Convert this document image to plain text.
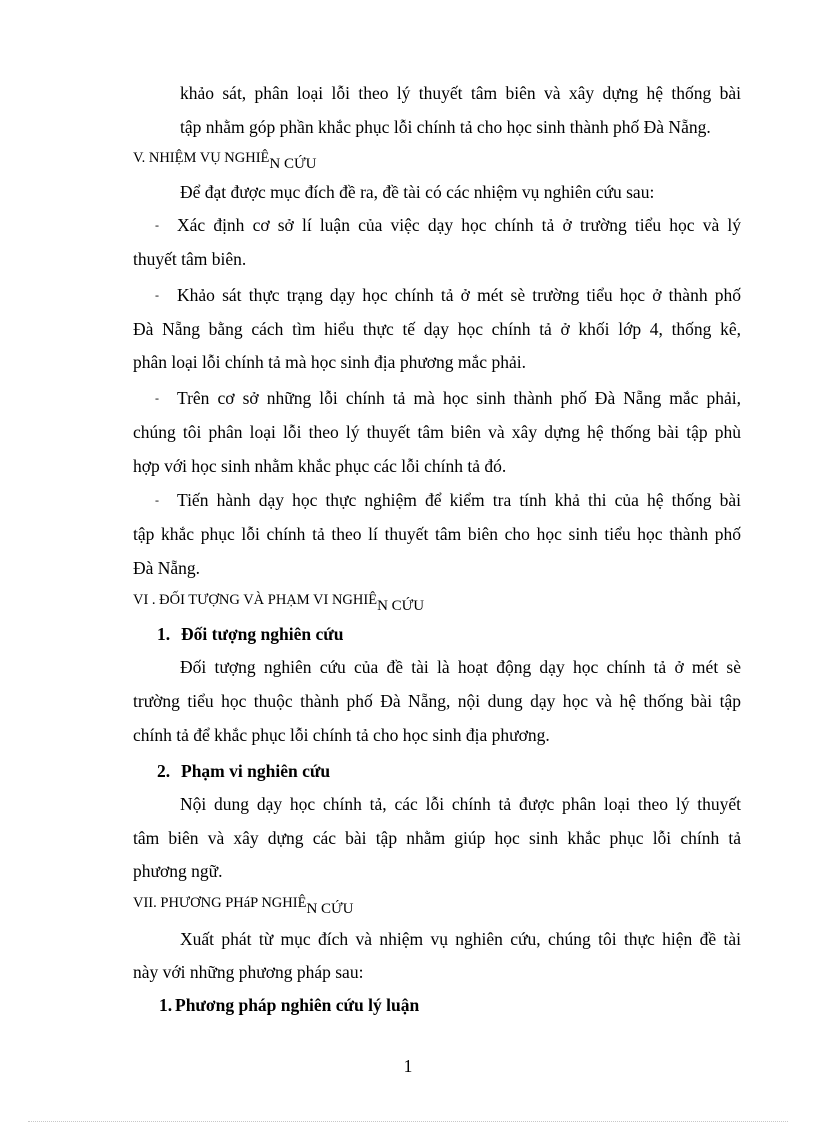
khảo sát, phân loại lỗi theo lý thuyết tâm biên và xây dựng hệ thống bài
tập nhằm góp phần khắc phục lỗi chính tả cho học sinh thành phố Đà Nẵng.
V. NHIỆM VỤ NGHIÊN CỨU
Để đạt được mục đích đề ra, đề tài có các nhiệm vụ nghiên cứu sau:
- Xác định cơ sở lí luận của việc dạy học chính tả ở trường tiểu học và lý
thuyết tâm biên.
- Khảo sát thực trạng dạy học chính tả ở mét sè trường tiểu học ở thành phố
Đà Nẵng bằng cách tìm hiểu thực tế dạy học chính tả ở khối lớp 4, thống kê,
phân loại lỗi chính tả mà học sinh địa phương mắc phải.
- Trên cơ sở những lỗi chính tả mà học sinh thành phố Đà Nẵng mắc phải,
chúng tôi phân loại lỗi theo lý thuyết tâm biên và xây dựng hệ thống bài tập phù
hợp với học sinh nhằm khắc phục các lỗi chính tả đó.
- Tiến hành dạy học thực nghiệm để kiểm tra tính khả thi của hệ thống bài
tập khắc phục lỗi chính tả theo lí thuyết tâm biên cho học sinh tiểu học thành phố
Đà Nẵng.
VI . ĐỐI TƯỢNG VÀ PHẠM VI NGHIÊN CỨU
1. Đối tượng nghiên cứu
Đối tượng nghiên cứu của đề tài là hoạt động dạy học chính tả ở mét sè
trường tiểu học thuộc thành phố Đà Nẵng, nội dung dạy học và hệ thống bài tập
chính tả để khắc phục lỗi chính tả cho học sinh địa phương.
2. Phạm vi nghiên cứu
Nội dung dạy học chính tả, các lỗi chính tả được phân loại theo lý thuyết
tâm biên và xây dựng các bài tập nhằm giúp học sinh khắc phục lỗi chính tả
phương ngữ.
VII. PHƯƠNG PHáP NGHIÊN CỨU
Xuất phát từ mục đích và nhiệm vụ nghiên cứu, chúng tôi thực hiện đề tài
này với những phương pháp sau:
1. Phương pháp nghiên cứu lý luận
1
